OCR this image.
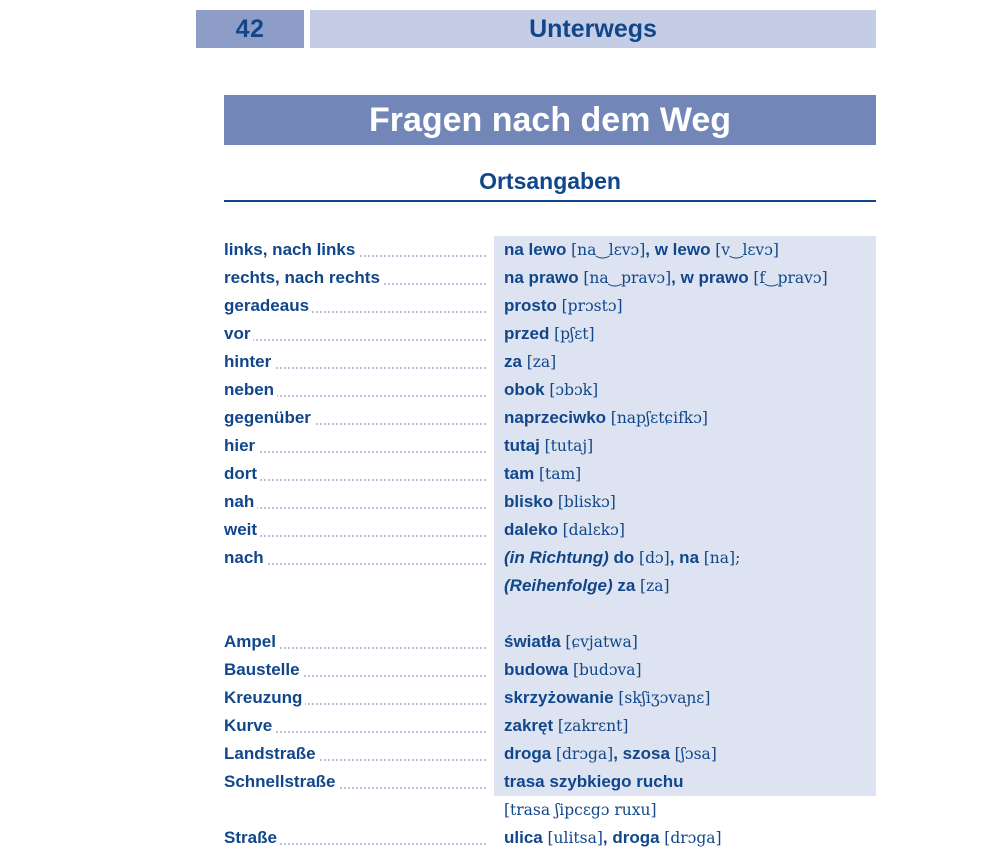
42	Unterwegs
Fragen nach dem Weg
Ortsangaben
links, nach links	na lewo [na‿lɛvɔ], w lewo [v‿lɛvɔ]
rechts, nach rechts	na prawo [na‿pravɔ], w prawo [f‿pravɔ]
geradeaus	prosto [prɔstɔ]
vor	przed [pʃɛt]
hinter	za [za]
neben	obok [ɔbɔk]
gegenüber	naprzeciwko [napʃɛtɕifkɔ]
hier	tutaj [tutaj]
dort	tam [tam]
nah	blisko [bliskɔ]
weit	daleko [dalɛkɔ]
nach	(in Richtung) do [dɔ], na [na];
(Reihenfolge) za [za]
Ampel	światła [ɕvjatwa]
Baustelle	budowa [budɔva]
Kreuzung	skrzyżowanie [skʃiʒɔvaɲɛ]
Kurve	zakręt [zakrɛnt]
Landstraße	droga [drɔga], szosa [ʃɔsa]
Schnellstraße	trasa szybkiego ruchu
[trasa ʃipcɛgɔ ruxu]
Straße	ulica [ulitsa], droga [drɔga]
